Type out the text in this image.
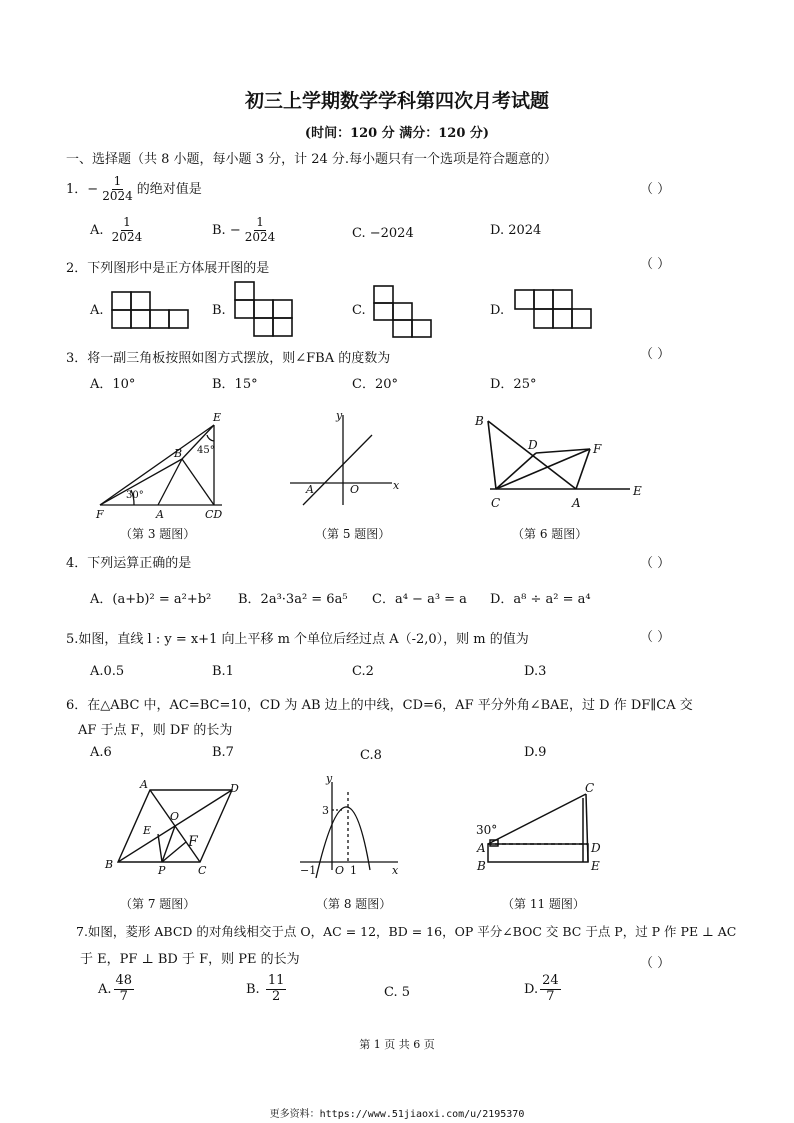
初三上学期数学学科第四次月考试题
(时间：120 分 满分：120 分)
一、选择题（共 8 小题，每小题 3 分，计 24 分.每小题只有一个选项是符合题意的）
1．− $\frac{1}{2024}$ 的绝对值是	（ ）
A. $\frac{1}{2024}$	B. − $\frac{1}{2024}$	C. −2024	D. 2024
2．下列图形中是正方体展开图的是	（ ）
A.	B.	C.	D.
3．将一副三角板按照如图方式摆放，则∠FBA 的度数为	（ ）
A．10°	B．15°	C．20°	D．25°
E
B
F	A	CD
45°
30°
（第 3 题图）
y
x
A	O
（第 5 题图）
B
D	F
C	A
E
（第 6 题图）
4．下列运算正确的是	（ ）
A．(a+b)² = a²+b² B．2a³·3a² = 6a⁵ C．a⁴ − a³ = a D．a⁸ ÷ a² = a⁴
5.如图，直线 l : y = x+1 向上平移 m 个单位后经过点 A（-2,0），则 m 的值为	（ ）
A.0.5	B.1	C.2	D.3
6．在△ABC 中，AC=BC=10，CD 为 AB 边上的中线，CD=6，AF 平分外角∠BAE，过 D 作 DF∥CA 交
AF 于点 F，则 DF 的长为
A.6	B.7	C.8	D.9
A	D
O
E
F
B	P	C
（第 7 题图）
y
3
−1 O 1	x
（第 8 题图）
C
30°
A	D
B	E
（第 11 题图）
7.如图，菱形 ABCD 的对角线相交于点 O，AC = 12，BD = 16，OP 平分∠BOC 交 BC 于点 P，过 P 作 PE ⊥ AC
于 E，PF ⊥ BD 于 F，则 PE 的长为	（ ）
A. $\frac{48}{7}$	B. $\frac{11}{2}$	C. 5	D. $\frac{24}{7}$
第 1 页 共 6 页
更多资料：https://www.51jiaoxi.com/u/2195370
